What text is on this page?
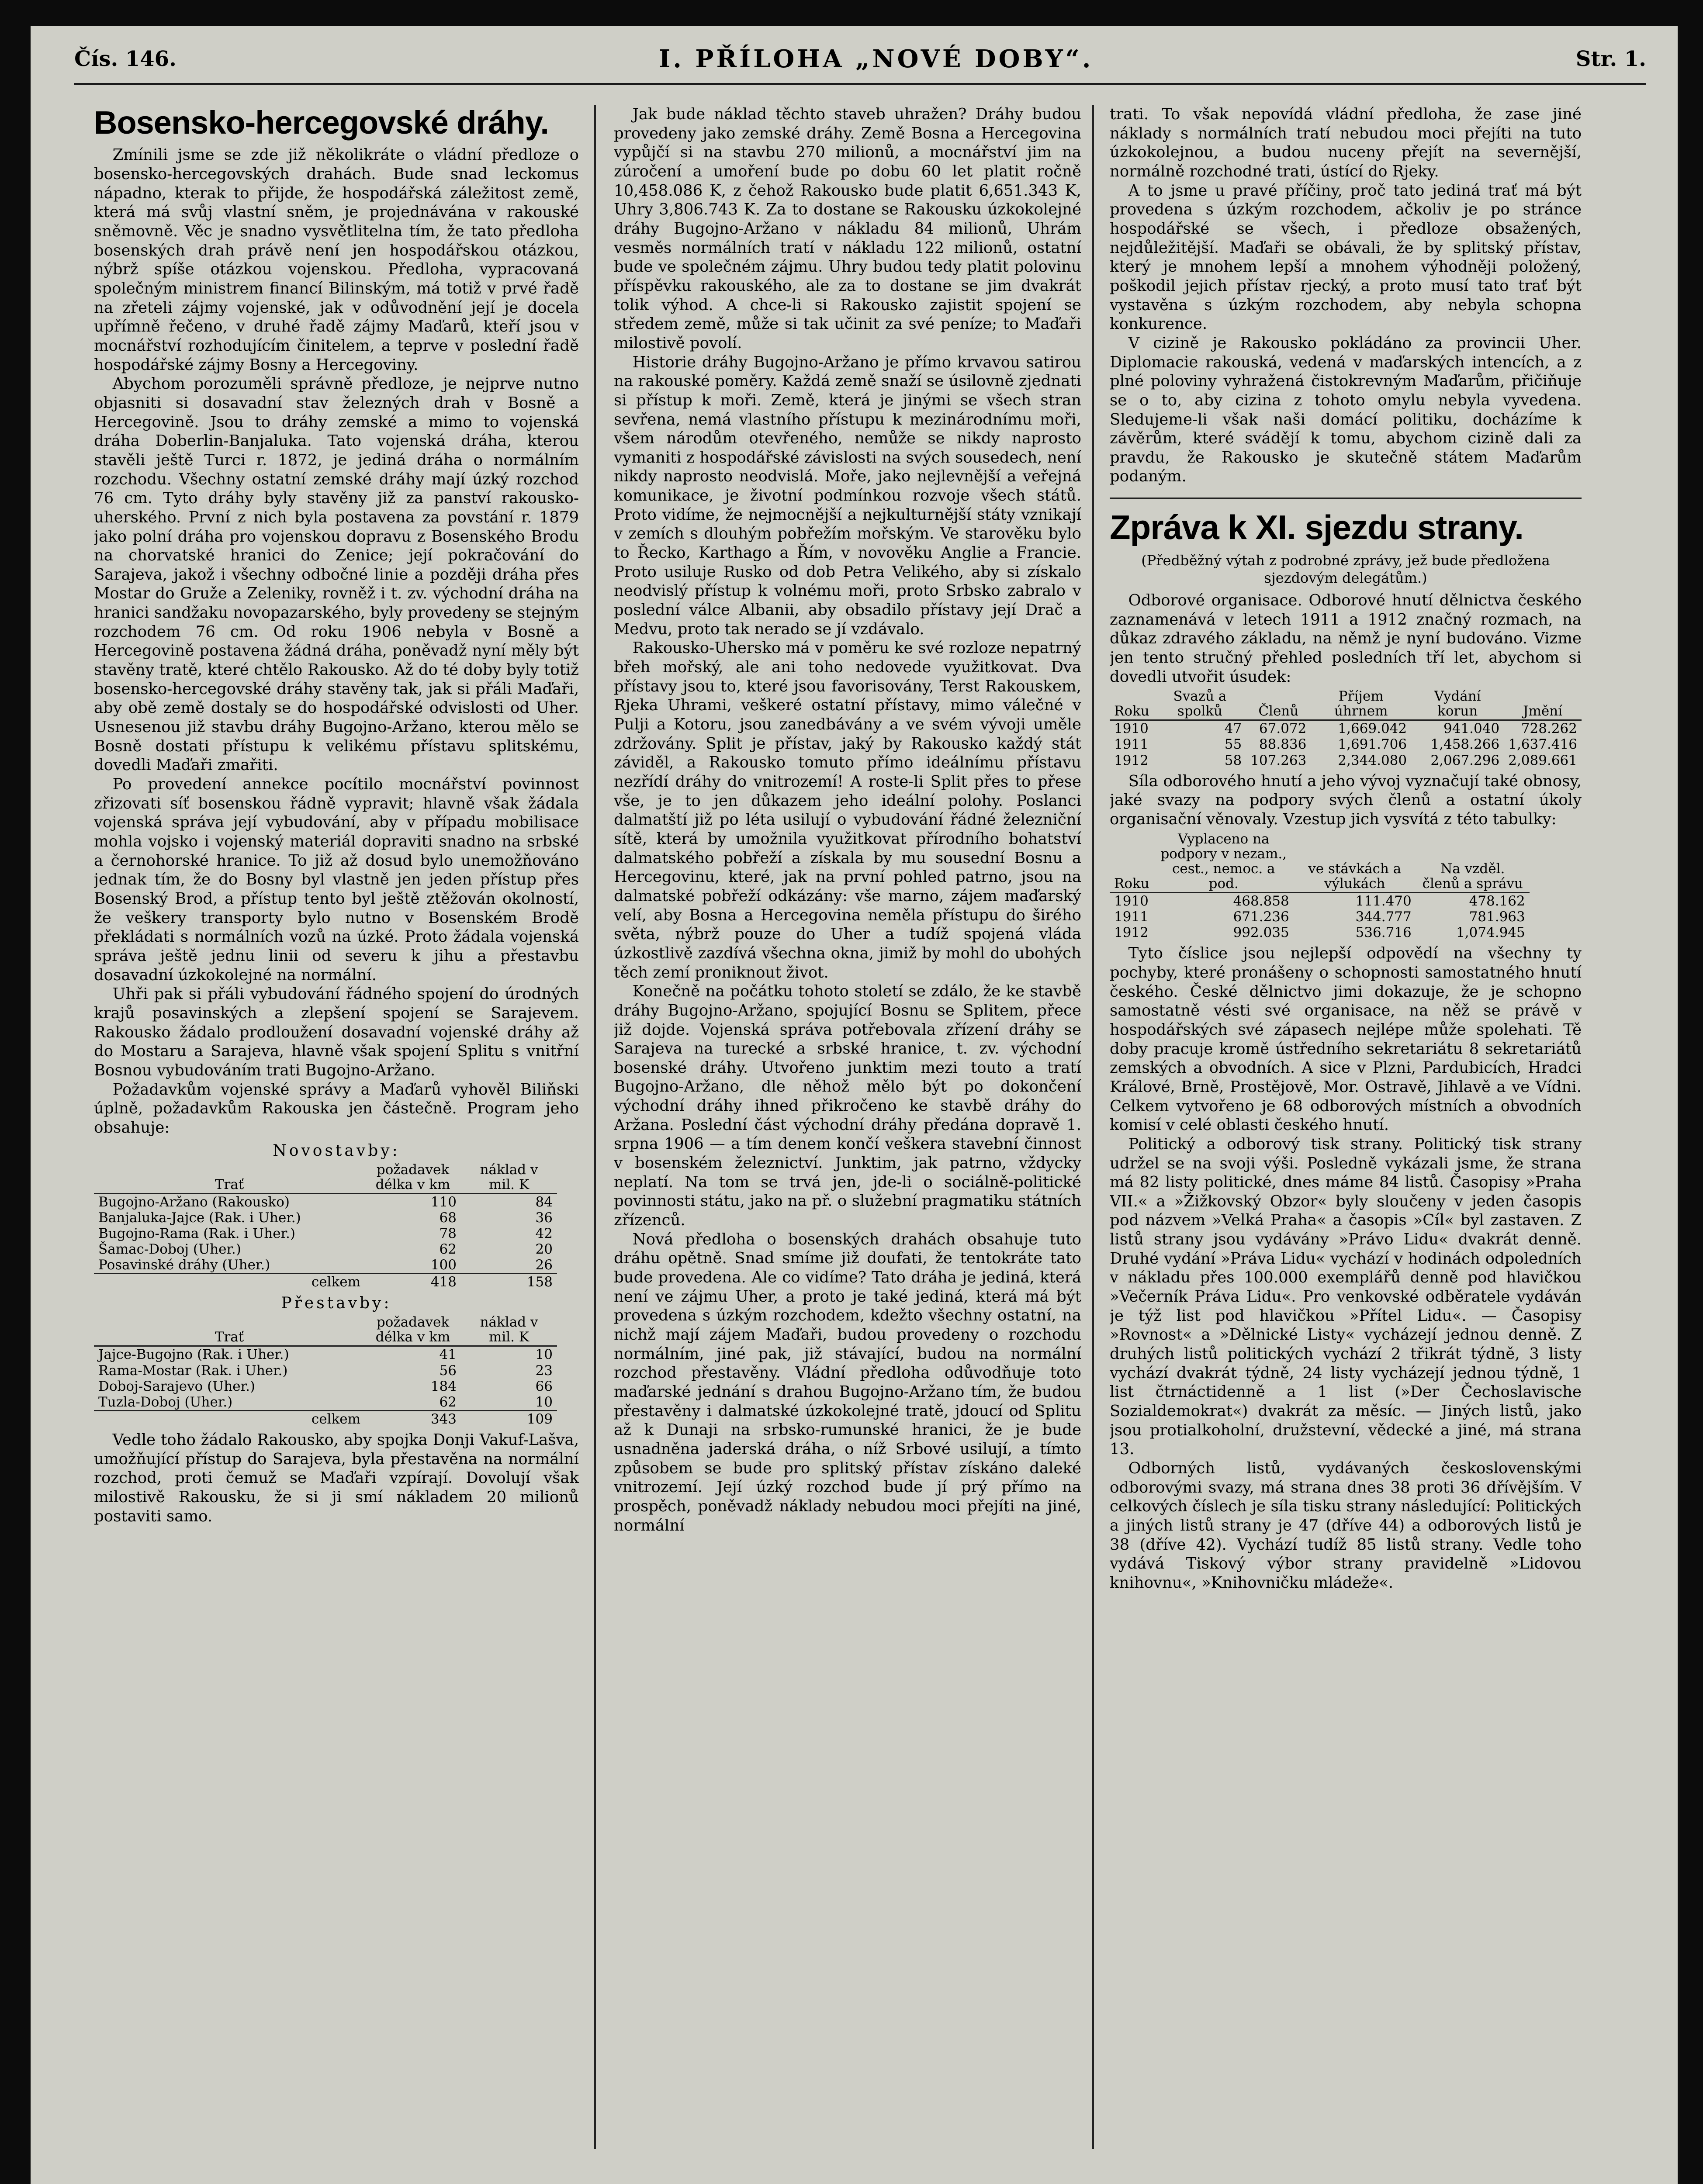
Čís. 146.	I. PŘÍLOHA „NOVÉ DOBY“.	Str. 1.
Bosensko-hercegovské dráhy.

Zmínili jsme se zde již několikráte o vládní předloze o bosensko-hercegovských drahách. Bude snad leckomus nápadno, kterak to přijde, že hospodářská záležitost země, která má svůj vlastní sněm, je projednávána v rakouské sněmovně. Věc je snadno vysvětlitelna tím, že tato předloha bosenských drah právě není jen hospodářskou otázkou, nýbrž spíše otázkou vojenskou. Předloha, vypracovaná společným ministrem financí Bilinským, má totiž v prvé řadě na zřeteli zájmy vojenské, jak v odůvodnění její je docela upřímně řečeno, v druhé řadě zájmy Maďarů, kteří jsou v mocnářství rozhodujícím činitelem, a teprve v poslední řadě hospodářské zájmy Bosny a Hercegoviny.

Abychom porozuměli správně předloze, je nejprve nutno objasniti si dosavadní stav železných drah v Bosně a Hercegovině. Jsou to dráhy zemské a mimo to vojenská dráha Doberlin-Banjaluka. Tato vojenská dráha, kterou stavěli ještě Turci r. 1872, je jediná dráha o normálním rozchodu. Všechny ostatní zemské dráhy mají úzký rozchod 76 cm. Tyto dráhy byly stavěny již za panství rakousko-uherského. První z nich byla postavena za povstání r. 1879 jako polní dráha pro vojenskou dopravu z Bosenského Brodu na chorvatské hranici do Zenice; její pokračování do Sarajeva, jakož i všechny odbočné linie a později dráha přes Mostar do Gruže a Zeleniky, rovněž i t. zv. východní dráha na hranici sandžaku novopazarského, byly provedeny se stejným rozchodem 76 cm. Od roku 1906 nebyla v Bosně a Hercegovině postavena žádná dráha, poněvadž nyní měly být stavěny tratě, které chtělo Rakousko. Až do té doby byly totiž bosensko-hercegovské dráhy stavěny tak, jak si přáli Maďaři, aby obě země dostaly se do hospodářské odvislosti od Uher. Usnesenou již stavbu dráhy Bugojno-Aržano, kterou mělo se Bosně dostati přístupu k velikému přístavu splitskému, dovedli Maďaři zmařiti.

Po provedení annekce pocítilo mocnářství povinnost zřizovati síť bosenskou řádně vypravit; hlavně však žádala vojenská správa její vybudování, aby v případu mobilisace mohla vojsko i vojenský materiál dopraviti snadno na srbské a černohorské hranice. To již až dosud bylo unemožňováno jednak tím, že do Bosny byl vlastně jen jeden přístup přes Bosenský Brod, a přístup tento byl ještě ztěžován okolností, že veškery transporty bylo nutno v Bosenském Brodě překládati s normálních vozů na úzké. Proto žádala vojenská správa ještě jednu linii od severu k jihu a přestavbu dosavadní úzkokolejné na normální.

Uhři pak si přáli vybudování řádného spojení do úrodných krajů posavinských a zlepšení spojení se Sarajevem. Rakousko žádalo prodloužení dosavadní vojenské dráhy až do Mostaru a Sarajeva, hlavně však spojení Splitu s vnitřní Bosnou vybudováním trati Bugojno-Aržano.

Požadavkům vojenské správy a Maďarů vyhověl Biliňski úplně, požadavkům Rakouska jen částečně. Program jeho obsahuje:

Novostavby:
Trať	požadavek délka v km	náklad v mil. K
Bugojno-Aržano (Rakousko)	110	84
Banjaluka-Jajce (Rak. i Uher.)	68	36
Bugojno-Rama (Rak. i Uher.)	78	42
Šamac-Doboj (Uher.)	62	20
Posavinské dráhy (Uher.)	100	26
celkem	418	158
Přestavby:
Trať	požadavek délka v km	náklad v mil. K
Jajce-Bugojno (Rak. i Uher.)	41	10
Rama-Mostar (Rak. i Uher.)	56	23
Doboj-Sarajevo (Uher.)	184	66
Tuzla-Doboj (Uher.)	62	10
celkem	343	109

Vedle toho žádalo Rakousko, aby spojka Donji Vakuf-Lašva, umožňující přístup do Sarajeva, byla přestavěna na normální rozchod, proti čemuž se Maďaři vzpírají. Dovolují však milostivě Rakousku, že si ji smí nákladem 20 milionů postaviti samo.

Jak bude náklad těchto staveb uhražen? Dráhy budou provedeny jako zemské dráhy. Země Bosna a Hercegovina vypůjčí si na stavbu 270 milionů, a mocnářství jim na zúročení a umoření bude po dobu 60 let platit ročně 10,458.086 K, z čehož Rakousko bude platit 6,651.343 K, Uhry 3,806.743 K. Za to dostane se Rakousku úzkokolejné dráhy Bugojno-Aržano v nákladu 84 milionů, Uhrám vesměs normálních tratí v nákladu 122 milionů, ostatní bude ve společném zájmu. Uhry budou tedy platit polovinu příspěvku rakouského, ale za to dostane se jim dvakrát tolik výhod. A chce-li si Rakousko zajistit spojení se středem země, může si tak učinit za své peníze; to Maďaři milostivě povolí.

Historie dráhy Bugojno-Aržano je přímo krvavou satirou na rakouské poměry. Každá země snaží se úsilovně zjednati si přístup k moři. Země, která je jinými se všech stran sevřena, nemá vlastního přístupu k mezinárodnímu moři, všem národům otevřeného, nemůže se nikdy naprosto vymaniti z hospodářské závislosti na svých sousedech, není nikdy naprosto neodvislá. Moře, jako nejlevnější a veřejná komunikace, je životní podmínkou rozvoje všech států. Proto vidíme, že nejmocnější a nejkulturnější státy vznikají v zemích s dlouhým pobřežím mořským. Ve starověku bylo to Řecko, Karthago a Řím, v novověku Anglie a Francie. Proto usiluje Rusko od dob Petra Velikého, aby si získalo neodvislý přístup k volnému moři, proto Srbsko zabralo v poslední válce Albanii, aby obsadilo přístavy její Drač a Medvu, proto tak nerado se jí vzdávalo.

Rakousko-Uhersko má v poměru ke své rozloze nepatrný břeh mořský, ale ani toho nedovede využitkovat. Dva přístavy jsou to, které jsou favorisovány, Terst Rakouskem, Rjeka Uhrami, veškeré ostatní přístavy, mimo válečné v Pulji a Kotoru, jsou zanedbávány a ve svém vývoji uměle zdržovány. Split je přístav, jaký by Rakousko každý stát záviděl, a Rakousko tomuto přímo ideálnímu přístavu nezřídí dráhy do vnitrozemí! A roste-li Split přes to přese vše, je to jen důkazem jeho ideální polohy. Poslanci dalmatští již po léta usilují o vybudování řádné železniční sítě, která by umožnila využitkovat přírodního bohatství dalmatského pobřeží a získala by mu sousední Bosnu a Hercegovinu, které, jak na první pohled patrno, jsou na dalmatské pobřeží odkázány: vše marno, zájem maďarský velí, aby Bosna a Hercegovina neměla přístupu do širého světa, nýbrž pouze do Uher a tudíž spojená vláda úzkostlivě zazdívá všechna okna, jimiž by mohl do ubohých těch zemí proniknout život.

Konečně na počátku tohoto století se zdálo, že ke stavbě dráhy Bugojno-Aržano, spojující Bosnu se Splitem, přece již dojde. Vojenská správa potřebovala zřízení dráhy se Sarajeva na turecké a srbské hranice, t. zv. východní bosenské dráhy. Utvořeno junktim mezi touto a tratí Bugojno-Aržano, dle něhož mělo být po dokončení východní dráhy ihned přikročeno ke stavbě dráhy do Aržana. Poslední část východní dráhy předána dopravě 1. srpna 1906 — a tím denem končí veškera stavební činnost v bosenském železnictví. Junktim, jak patrno, vždycky neplatí. Na tom se trvá jen, jde-li o sociálně-politické povinnosti státu, jako na př. o služební pragmatiku státních zřízenců.

Nová předloha o bosenských drahách obsahuje tuto dráhu opětně. Snad smíme již doufati, že tentokráte tato bude provedena. Ale co vidíme? Tato dráha je jediná, která není ve zájmu Uher, a proto je také jediná, která má být provedena s úzkým rozchodem, kdežto všechny ostatní, na nichž mají zájem Maďaři, budou provedeny o rozchodu normálním, jiné pak, již stávající, budou na normální rozchod přestavěny. Vládní předloha odůvodňuje toto maďarské jednání s drahou Bugojno-Aržano tím, že budou přestavěny i dalmatské úzkokolejné tratě, jdoucí od Splitu až k Dunaji na srbsko-rumunské hranici, že je bude usnadněna jaderská dráha, o níž Srbové usilují, a tímto způsobem se bude pro splitský přístav získáno daleké vnitrozemí. Její úzký rozchod bude jí prý přímo na prospěch, poněvadž náklady nebudou moci přejíti na jiné, normální

trati. To však nepovídá vládní předloha, že zase jiné náklady s normálních tratí nebudou moci přejíti na tuto úzkokolejnou, a budou nuceny přejít na severnější, normálně rozchodné trati, ústící do Rjeky.

A to jsme u pravé příčiny, proč tato jediná trať má být provedena s úzkým rozchodem, ačkoliv je po stránce hospodářské se všech, i předloze obsažených, nejdůležitější. Maďaři se obávali, že by splitský přístav, který je mnohem lepší a mnohem výhodněji položený, poškodil jejich přístav rjecký, a proto musí tato trať být vystavěna s úzkým rozchodem, aby nebyla schopna konkurence.

V cizině je Rakousko pokládáno za provincii Uher. Diplomacie rakouská, vedená v maďarských intencích, a z plné poloviny vyhražená čistokrevným Maďarům, přičiňuje se o to, aby cizina z tohoto omylu nebyla vyvedena. Sledujeme-li však naši domácí politiku, docházíme k závěrům, které svádějí k tomu, abychom cizině dali za pravdu, že Rakousko je skutečně státem Maďarům podaným.

Zpráva k XI. sjezdu strany.
(Předběžný výtah z podrobné zprávy, jež bude předložena sjezdovým delegátům.)

Odborové organisace. Odborové hnutí dělnictva českého zaznamenává v letech 1911 a 1912 značný rozmach, na důkaz zdravého základu, na němž je nyní budováno. Vizme jen tento stručný přehled posledních tří let, abychom si dovedli utvořit úsudek:

Roku	Svazů a spolků	Členů	Příjem úhrnem	Vydání korun	Jmění
1910	47	67.072	1,669.042	941.040	728.262
1911	55	88.836	1,691.706	1,458.266	1,637.416
1912	58	107.263	2,344.080	2,067.296	2,089.661

Síla odborového hnutí a jeho vývoj vyznačují také obnosy, jaké svazy na podpory svých členů a ostatní úkoly organisační věnovaly. Vzestup jich vysvítá z této tabulky:

Roku	Vyplaceno na podpory v nezam., cest., nemoc. a pod.	ve stávkách a výlukách	Na vzděl. členů a správu
1910	468.858	111.470	478.162
1911	671.236	344.777	781.963
1912	992.035	536.716	1,074.945

Tyto číslice jsou nejlepší odpovědí na všechny ty pochyby, které pronášeny o schopnosti samostatného hnutí českého. České dělnictvo jimi dokazuje, že je schopno samostatně vésti své organisace, na něž se právě v hospodářských své zápasech nejlépe může spolehati. Tě doby pracuje kromě ústředního sekretariátu 8 sekretariátů zemských a obvodních. A sice v Plzni, Pardubicích, Hradci Králové, Brně, Prostějově, Mor. Ostravě, Jihlavě a ve Vídni. Celkem vytvořeno je 68 odborových místních a obvodních komisí v celé oblasti českého hnutí.

Politický a odborový tisk strany. Politický tisk strany udržel se na svoji výši. Posledně vykázali jsme, že strana má 82 listy politické, dnes máme 84 listů. Časopisy »Praha VII.« a »Žižkovský Obzor« byly sloučeny v jeden časopis pod názvem »Velká Praha« a časopis »Cíl« byl zastaven. Z listů strany jsou vydávány »Právo Lidu« dvakrát denně. Druhé vydání »Práva Lidu« vychází v hodinách odpoledních v nákladu přes 100.000 exemplářů denně pod hlavičkou »Večerník Práva Lidu«. Pro venkovské odběratele vydáván je týž list pod hlavičkou »Přítel Lidu«. — Časopisy »Rovnost« a »Dělnické Listy« vycházejí jednou denně. Z druhých listů politických vychází 2 třikrát týdně, 3 listy vychází dvakrát týdně, 24 listy vycházejí jednou týdně, 1 list čtrnáctidenně a 1 list (»Der Čechoslavische Sozialdemokrat«) dvakrát za měsíc. — Jiných listů, jako jsou protialkoholní, družstevní, vědecké a jiné, má strana 13.

Odborných listů, vydávaných československými odborovými svazy, má strana dnes 38 proti 36 dřívějším. V celkových číslech je síla tisku strany následující: Politických a jiných listů strany je 47 (dříve 44) a odborových listů je 38 (dříve 42). Vychází tudíž 85 listů strany. Vedle toho vydává Tiskový výbor strany pravidelně »Lidovou knihovnu«, »Knihovničku mládeže«.
